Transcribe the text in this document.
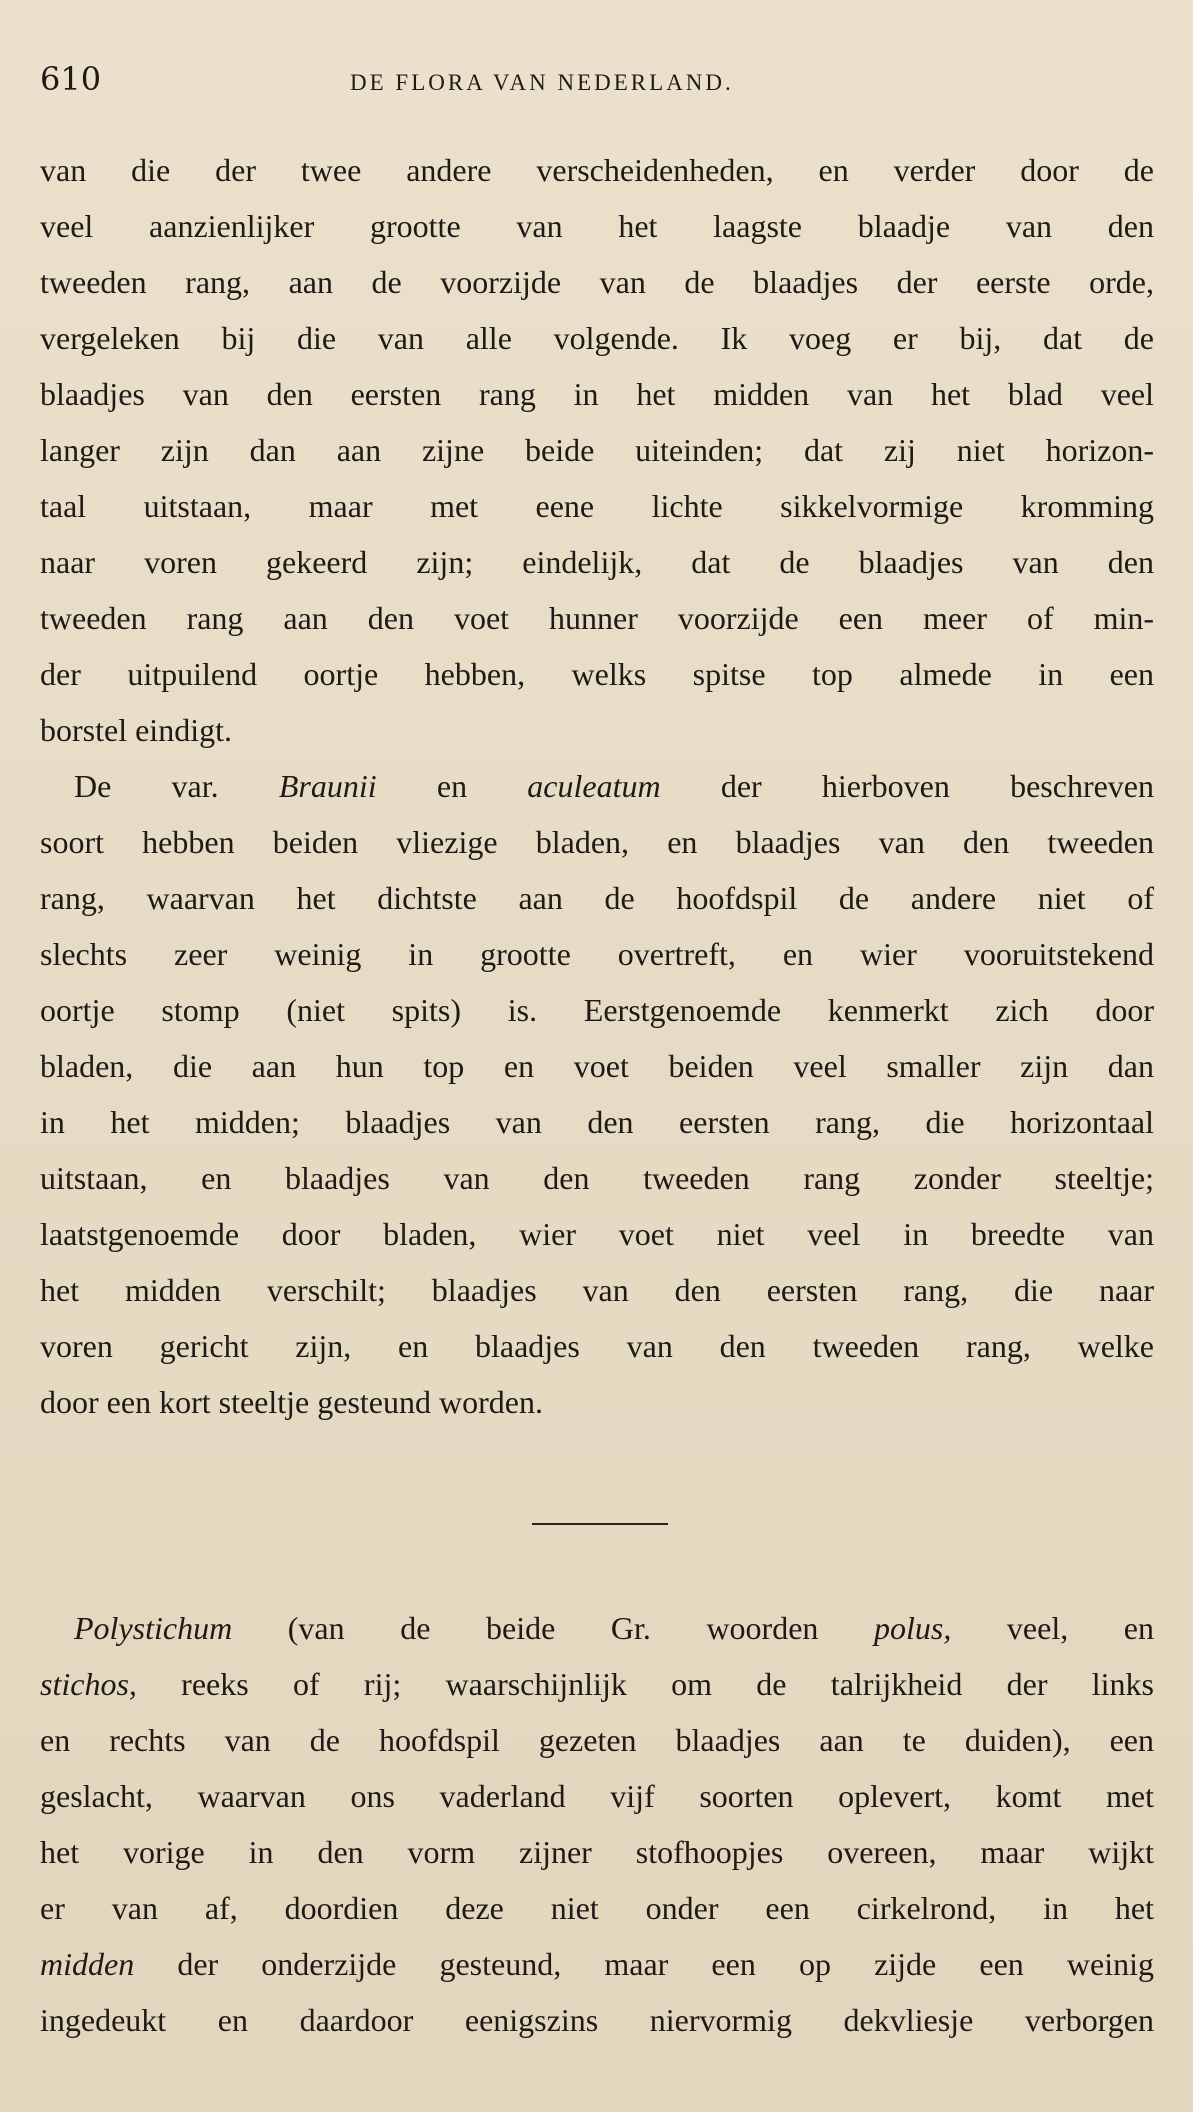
610	DE FLORA VAN NEDERLAND.
van die der twee andere verscheidenheden, en verder door de
veel aanzienlijker grootte van het laagste blaadje van den
tweeden rang, aan de voorzijde van de blaadjes der eerste orde,
vergeleken bij die van alle volgende. Ik voeg er bij, dat de
blaadjes van den eersten rang in het midden van het blad veel
langer zijn dan aan zijne beide uiteinden; dat zij niet horizon-
taal uitstaan, maar met eene lichte sikkelvormige kromming
naar voren gekeerd zijn; eindelijk, dat de blaadjes van den
tweeden rang aan den voet hunner voorzijde een meer of min-
der uitpuilend oortje hebben, welks spitse top almede in een
borstel eindigt.
De var. Braunii en aculeatum der hierboven beschreven
soort hebben beiden vliezige bladen, en blaadjes van den tweeden
rang, waarvan het dichtste aan de hoofdspil de andere niet of
slechts zeer weinig in grootte overtreft, en wier vooruitstekend
oortje stomp (niet spits) is. Eerstgenoemde kenmerkt zich door
bladen, die aan hun top en voet beiden veel smaller zijn dan
in het midden; blaadjes van den eersten rang, die horizontaal
uitstaan, en blaadjes van den tweeden rang zonder steeltje;
laatstgenoemde door bladen, wier voet niet veel in breedte van
het midden verschilt; blaadjes van den eersten rang, die naar
voren gericht zijn, en blaadjes van den tweeden rang, welke
door een kort steeltje gesteund worden.
Polystichum (van de beide Gr. woorden polus, veel, en
stichos, reeks of rij; waarschijnlijk om de talrijkheid der links
en rechts van de hoofdspil gezeten blaadjes aan te duiden), een
geslacht, waarvan ons vaderland vijf soorten oplevert, komt met
het vorige in den vorm zijner stofhoopjes overeen, maar wijkt
er van af, doordien deze niet onder een cirkelrond, in het
midden der onderzijde gesteund, maar een op zijde een weinig
ingedeukt en daardoor eenigszins niervormig dekvliesje verborgen
